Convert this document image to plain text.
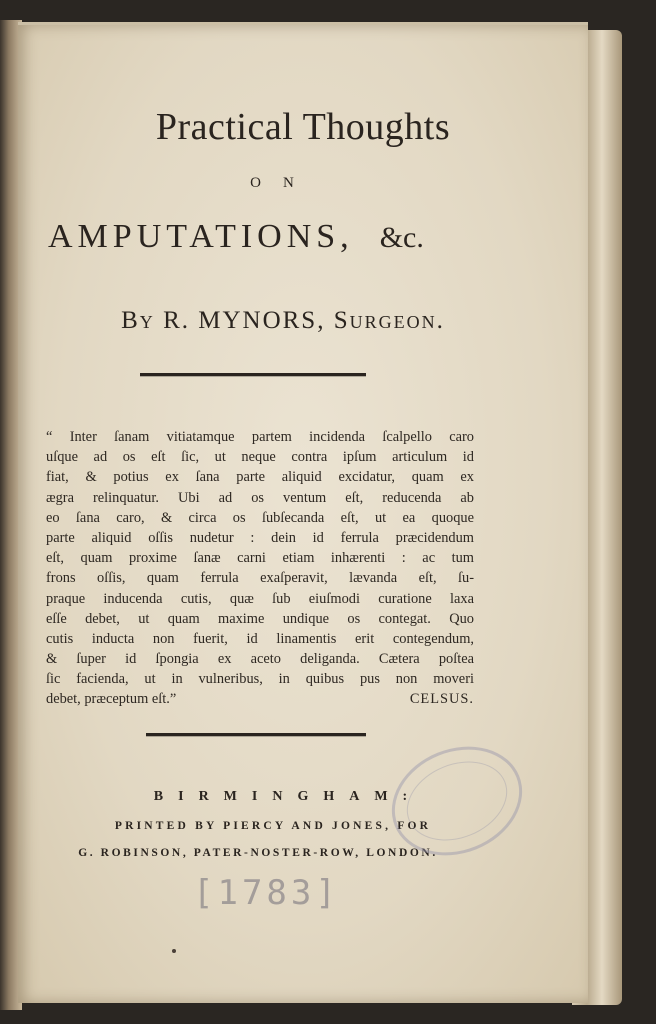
Practical Thoughts
ON
AMPUTATIONS, &c.
By R. MYNORS, Surgeon.
“ Inter ſanam vitiatamque partem incidenda ſcalpello caro
uſque ad os eſt ſic, ut neque contra ipſum articulum id
fiat, & potius ex ſana parte aliquid excidatur, quam ex
ægra relinquatur. Ubi ad os ventum eſt, reducenda ab
eo ſana caro, & circa os ſubſecanda eſt, ut ea quoque
parte aliquid oſſis nudetur : dein id ferrula præcidendum
eſt, quam proxime ſanæ carni etiam inhærenti : ac tum
frons oſſis, quam ferrula exaſperavit, lævanda eſt, ſu-
praque inducenda cutis, quæ ſub eiuſmodi curatione laxa
eſſe debet, ut quam maxime undique os contegat. Quo
cutis inducta non fuerit, id linamentis erit contegendum,
& ſuper id ſpongia ex aceto deliganda. Cætera poſtea
ſic facienda, ut in vulneribus, in quibus pus non moveri
debet, præceptum eſt.”	CELSUS.
BIRMINGHAM:
PRINTED BY PIERCY AND JONES, FOR
G. ROBINSON, PATER-NOSTER-ROW, LONDON.
[1783]
